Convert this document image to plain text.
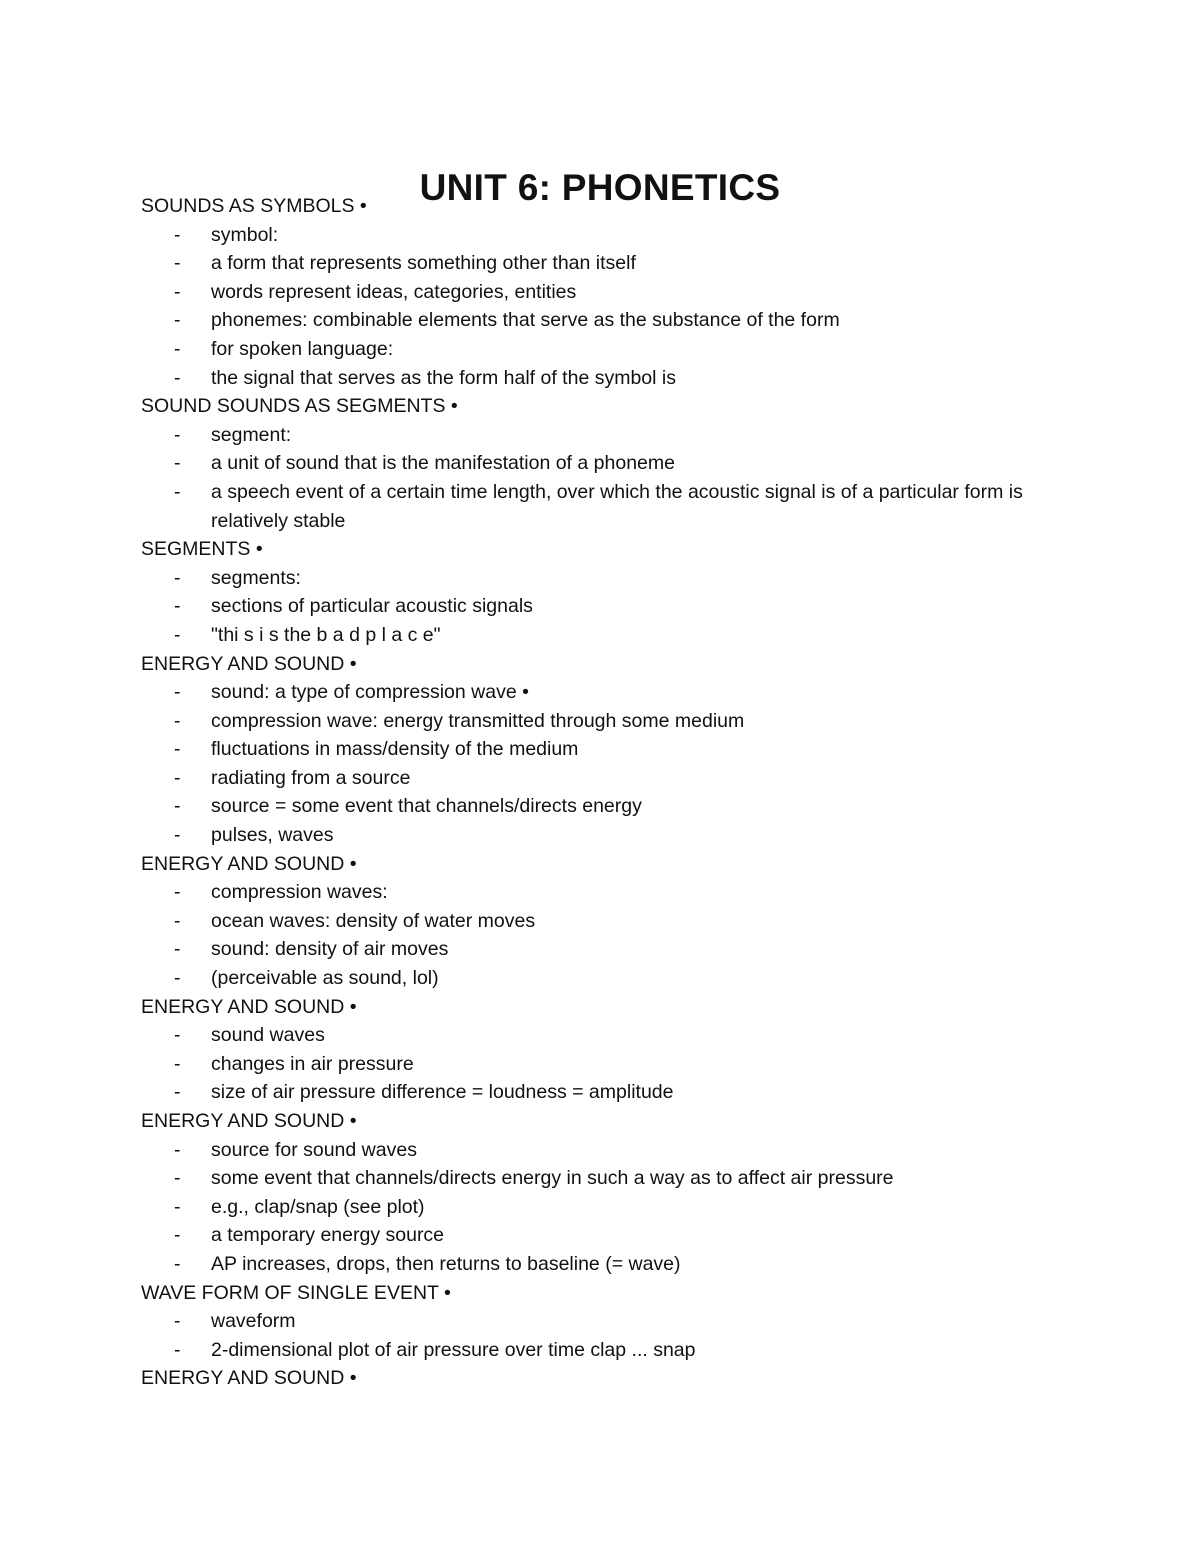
UNIT 6: PHONETICS
SOUNDS AS SYMBOLS •
- symbol:
- a form that represents something other than itself
- words represent ideas, categories, entities
- phonemes: combinable elements that serve as the substance of the form
- for spoken language:
- the signal that serves as the form half of the symbol is
SOUND SOUNDS AS SEGMENTS •
- segment:
- a unit of sound that is the manifestation of a phoneme
- a speech event of a certain time length, over which the acoustic signal is of a particular form is relatively stable
SEGMENTS •
- segments:
- sections of particular acoustic signals
- "thi s i s the b a d p l a c e"
ENERGY AND SOUND •
- sound: a type of compression wave •
- compression wave: energy transmitted through some medium
- fluctuations in mass/density of the medium
- radiating from a source
- source = some event that channels/directs energy
- pulses, waves
ENERGY AND SOUND •
- compression waves:
- ocean waves: density of water moves
- sound: density of air moves
- (perceivable as sound, lol)
ENERGY AND SOUND •
- sound waves
- changes in air pressure
- size of air pressure difference = loudness = amplitude
ENERGY AND SOUND •
- source for sound waves
- some event that channels/directs energy in such a way as to affect air pressure
- e.g., clap/snap (see plot)
- a temporary energy source
- AP increases, drops, then returns to baseline (= wave)
WAVE FORM OF SINGLE EVENT •
- waveform
- 2-dimensional plot of air pressure over time clap ... snap
ENERGY AND SOUND •
